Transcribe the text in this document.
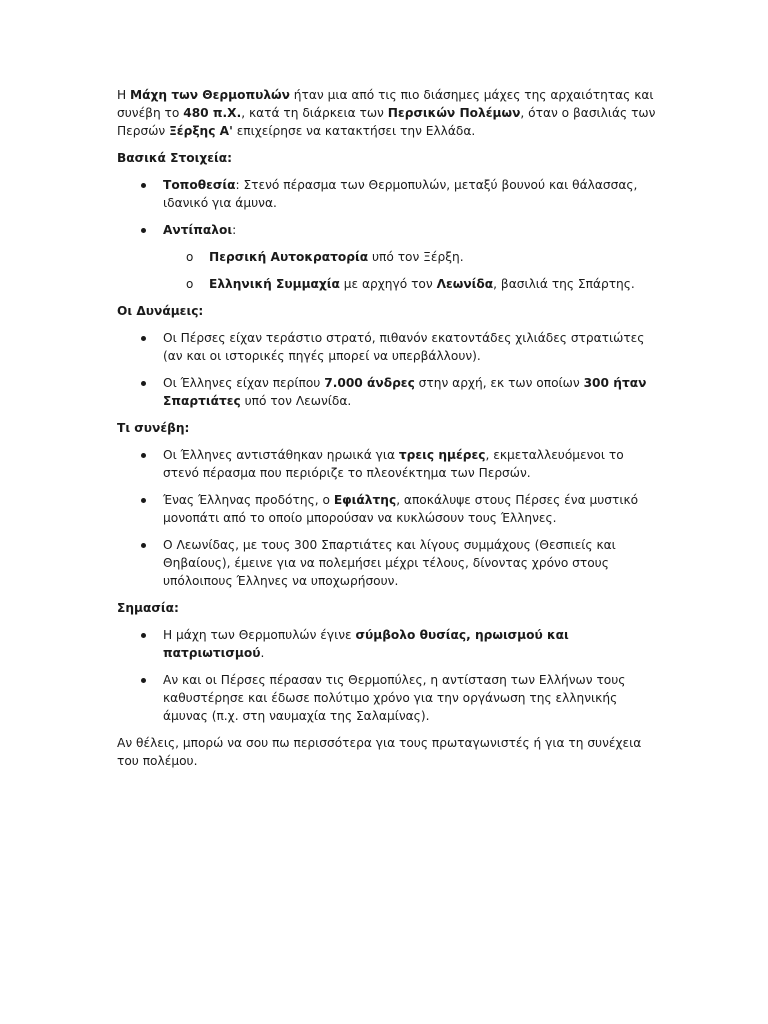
Η Μάχη των Θερμοπυλών ήταν μια από τις πιο διάσημες μάχες της αρχαιότητας και συνέβη το 480 π.Χ., κατά τη διάρκεια των Περσικών Πολέμων, όταν ο βασιλιάς των Περσών Ξέρξης Α' επιχείρησε να κατακτήσει την Ελλάδα.

Βασικά Στοιχεία:
Τοποθεσία: Στενό πέρασμα των Θερμοπυλών, μεταξύ βουνού και θάλασσας, ιδανικό για άμυνα.
Αντίπαλοι:
o Περσική Αυτοκρατορία υπό τον Ξέρξη.
o Ελληνική Συμμαχία με αρχηγό τον Λεωνίδα, βασιλιά της Σπάρτης.
Οι Δυνάμεις:
Οι Πέρσες είχαν τεράστιο στρατό, πιθανόν εκατοντάδες χιλιάδες στρατιώτες (αν και οι ιστορικές πηγές μπορεί να υπερβάλλουν).
Οι Έλληνες είχαν περίπου 7.000 άνδρες στην αρχή, εκ των οποίων 300 ήταν Σπαρτιάτες υπό τον Λεωνίδα.
Τι συνέβη:
Οι Έλληνες αντιστάθηκαν ηρωικά για τρεις ημέρες, εκμεταλλευόμενοι το στενό πέρασμα που περιόριζε το πλεονέκτημα των Περσών.
Ένας Έλληνας προδότης, ο Εφιάλτης, αποκάλυψε στους Πέρσες ένα μυστικό μονοπάτι από το οποίο μπορούσαν να κυκλώσουν τους Έλληνες.
Ο Λεωνίδας, με τους 300 Σπαρτιάτες και λίγους συμμάχους (Θεσπιείς και Θηβαίους), έμεινε για να πολεμήσει μέχρι τέλους, δίνοντας χρόνο στους υπόλοιπους Έλληνες να υποχωρήσουν.
Σημασία:
Η μάχη των Θερμοπυλών έγινε σύμβολο θυσίας, ηρωισμού και πατριωτισμού.
Αν και οι Πέρσες πέρασαν τις Θερμοπύλες, η αντίσταση των Ελλήνων τους καθυστέρησε και έδωσε πολύτιμο χρόνο για την οργάνωση της ελληνικής άμυνας (π.χ. στη ναυμαχία της Σαλαμίνας).

Αν θέλεις, μπορώ να σου πω περισσότερα για τους πρωταγωνιστές ή για τη συνέχεια του πολέμου.
